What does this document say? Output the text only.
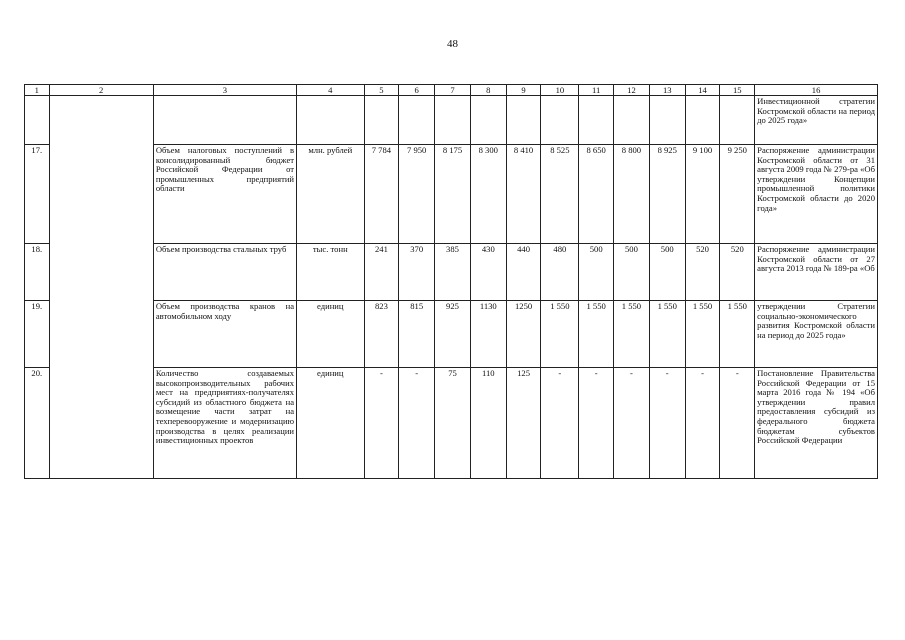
48
1	2	3	4	5	6	7	8	9	10	11	12	13	14	15	16
															Инвестиционной стратегии Костромской области на период до 2025 года»
17.		Объем налоговых поступлений в консолидированный бюджет Российской Федерации от промышленных предприятий области	млн. рублей	7 784	7 950	8 175	8 300	8 410	8 525	8 650	8 800	8 925	9 100	9 250	Распоряжение администрации Костромской области от 31 августа 2009 года № 279-ра «Об утверждении Концепции промышленной политики Костромской области до 2020 года»
18.		Объем производства стальных труб	тыс. тонн	241	370	385	430	440	480	500	500	500	520	520	Распоряжение администрации Костромской области от 27 августа 2013 года № 189-ра «Об
19.		Объем производства кранов на автомобильном ходу	единиц	823	815	925	1130	1250	1 550	1 550	1 550	1 550	1 550	1 550	утверждении Стратегии социально-экономического развития Костромской области на период до 2025 года»
20.		Количество создаваемых высокопроизводительных рабочих мест на предприятиях-получателях субсидий из областного бюджета на возмещение части затрат на техперевооружение и модернизацию производства в целях реализации инвестиционных проектов	единиц	-	-	75	110	125	-	-	-	-	-	-	Постановление Правительства Российской Федерации от 15 марта 2016 года № 194 «Об утверждении правил предоставления субсидий из федерального бюджета бюджетам субъектов Российской Федерации
